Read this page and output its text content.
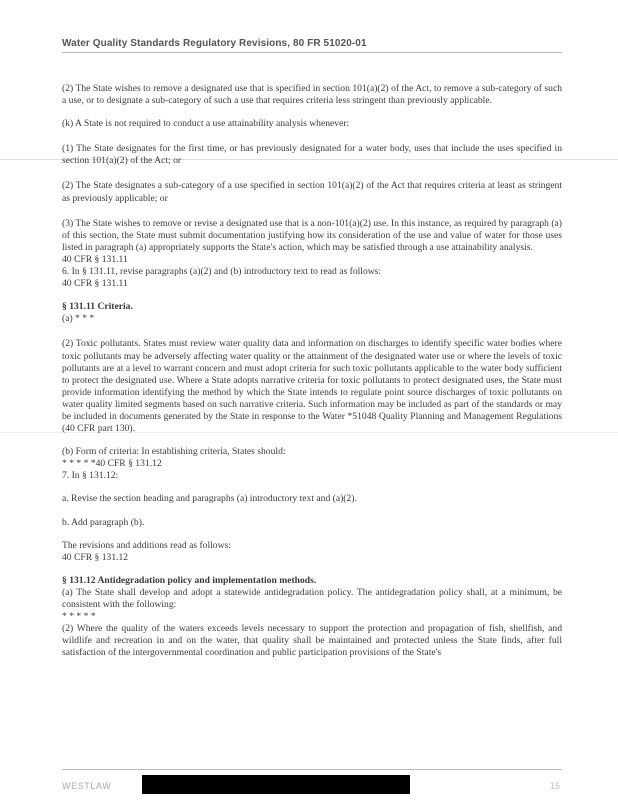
Water Quality Standards Regulatory Revisions, 80 FR 51020-01

(2) The State wishes to remove a designated use that is specified in section 101(a)(2) of the Act, to remove a sub-category of such a use, or to designate a sub-category of such a use that requires criteria less stringent than previously applicable.

(k) A State is not required to conduct a use attainability analysis whenever:

(1) The State designates for the first time, or has previously designated for a water body, uses that include the uses specified in section 101(a)(2) of the Act; or

(2) The State designates a sub-category of a use specified in section 101(a)(2) of the Act that requires criteria at least as stringent as previously applicable; or

(3) The State wishes to remove or revise a designated use that is a non-101(a)(2) use. In this instance, as required by paragraph (a) of this section, the State must submit documentation justifying how its consideration of the use and value of water for those uses listed in paragraph (a) appropriately supports the State's action, which may be satisfied through a use attainability analysis.

40 CFR § 131.11

6. In § 131.11, revise paragraphs (a)(2) and (b) introductory text to read as follows:

40 CFR § 131.11

§ 131.11 Criteria.

(a) * * *

(2) Toxic pollutants. States must review water quality data and information on discharges to identify specific water bodies where toxic pollutants may be adversely affecting water quality or the attainment of the designated water use or where the levels of toxic pollutants are at a level to warrant concern and must adopt criteria for such toxic pollutants applicable to the water body sufficient to protect the designated use. Where a State adopts narrative criteria for toxic pollutants to protect designated uses, the State must provide information identifying the method by which the State intends to regulate point source discharges of toxic pollutants on water quality limited segments based on such narrative criteria. Such information may be included as part of the standards or may be included in documents generated by the State in response to the Water *51048 Quality Planning and Management Regulations (40 CFR part 130).

(b) Form of criteria: In establishing criteria, States should:

* * * * *40 CFR § 131.12

7. In § 131.12:

a. Revise the section heading and paragraphs (a) introductory text and (a)(2).

b. Add paragraph (b).

The revisions and additions read as follows:

40 CFR § 131.12

§ 131.12 Antidegradation policy and implementation methods.

(a) The State shall develop and adopt a statewide antidegradation policy. The antidegradation policy shall, at a minimum, be consistent with the following:

* * * * *

(2) Where the quality of the waters exceeds levels necessary to support the protection and propagation of fish, shellfish, and wildlife and recreation in and on the water, that quality shall be maintained and protected unless the State finds, after full satisfaction of the intergovernmental coordination and public participation provisions of the State's

WESTLAW	15
